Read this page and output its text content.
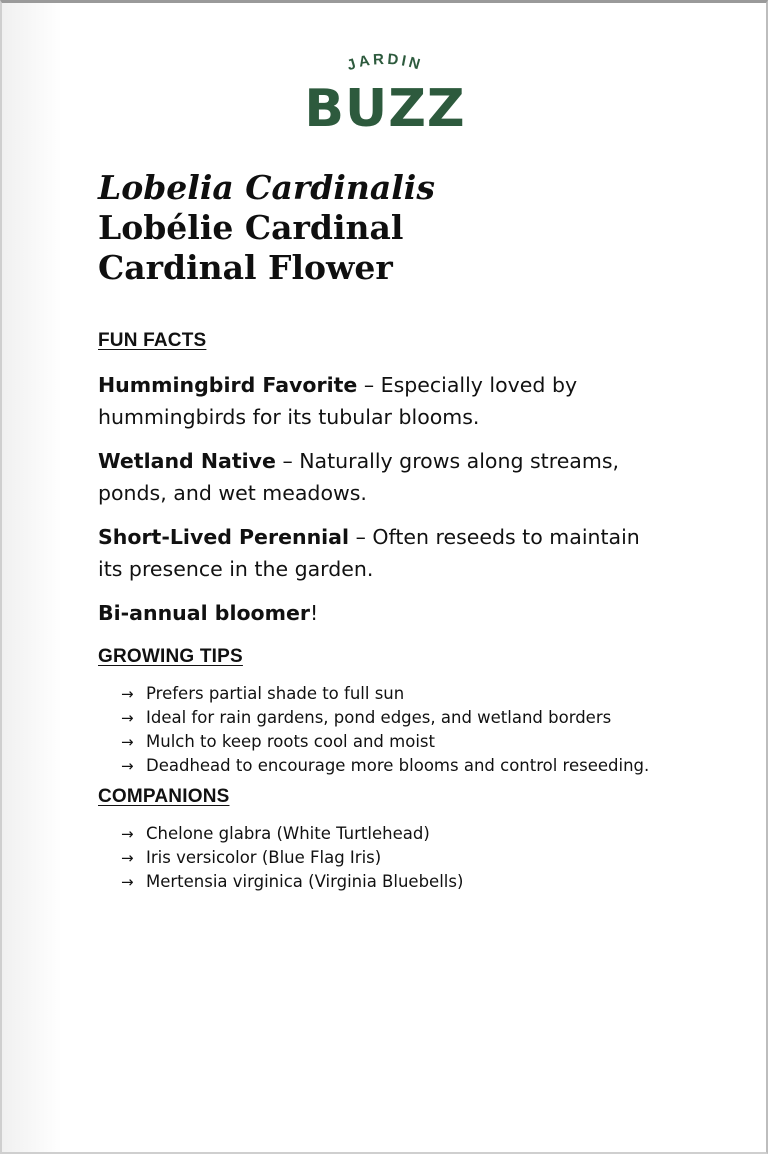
JARDIN
BUZZ
Lobelia Cardinalis
Lobélie Cardinal
Cardinal Flower
FUN FACTS

Hummingbird Favorite – Especially loved by hummingbirds for its tubular blooms.

Wetland Native – Naturally grows along streams, ponds, and wet meadows.

Short-Lived Perennial – Often reseeds to maintain its presence in the garden.

Bi-annual bloomer!

GROWING TIPS
→ Prefers partial shade to full sun
→ Ideal for rain gardens, pond edges, and wetland borders
→ Mulch to keep roots cool and moist
→ Deadhead to encourage more blooms and control reseeding.
COMPANIONS
→ Chelone glabra (White Turtlehead)
→ Iris versicolor (Blue Flag Iris)
→ Mertensia virginica (Virginia Bluebells)
